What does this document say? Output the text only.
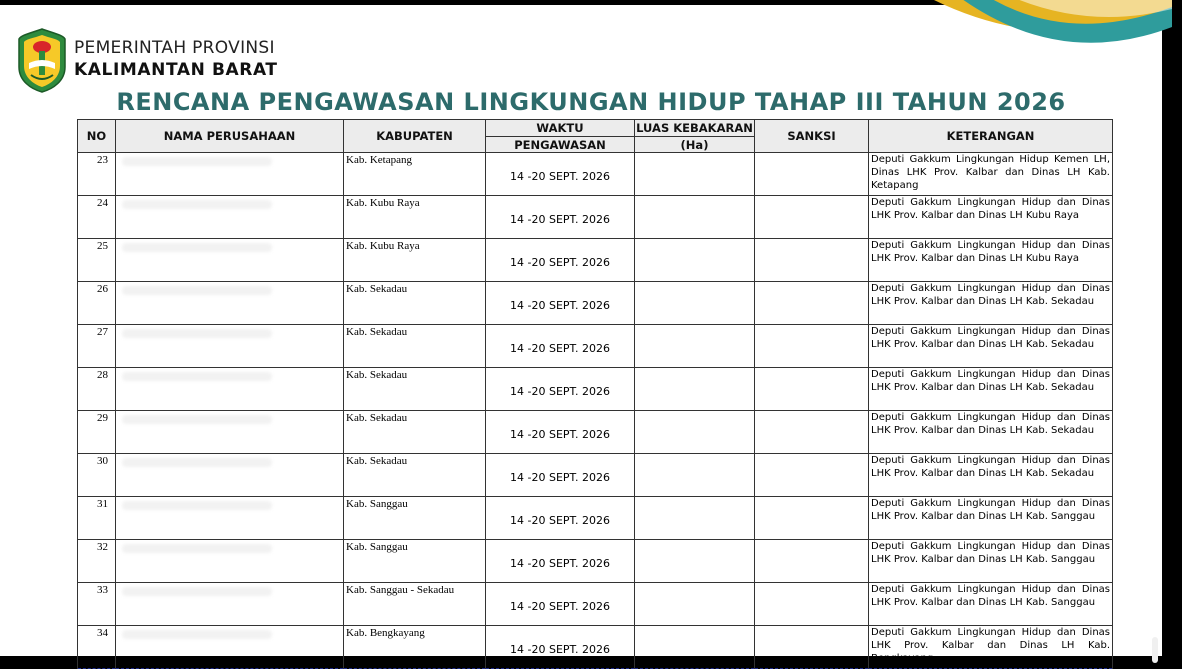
PEMERINTAH PROVINSI
KALIMANTAN BARAT
RENCANA PENGAWASAN LINGKUNGAN HIDUP TAHAP III TAHUN 2026
NO	NAMA PERUSAHAAN	KABUPATEN	WAKTU	LUAS KEBAKARAN	SANKSI	KETERANGAN
			PENGAWASAN	(Ha)		
23		Kab. Ketapang	14 -20 SEPT. 2026			Deputi Gakkum Lingkungan Hidup Kemen LH, Dinas LHK Prov. Kalbar dan Dinas LH Kab. Ketapang
24		Kab. Kubu Raya	14 -20 SEPT. 2026			Deputi Gakkum Lingkungan Hidup dan Dinas LHK Prov. Kalbar dan Dinas LH Kubu Raya
25		Kab. Kubu Raya	14 -20 SEPT. 2026			Deputi Gakkum Lingkungan Hidup dan Dinas LHK Prov. Kalbar dan Dinas LH Kubu Raya
26		Kab. Sekadau	14 -20 SEPT. 2026			Deputi Gakkum Lingkungan Hidup dan Dinas LHK Prov. Kalbar dan Dinas LH Kab. Sekadau
27		Kab. Sekadau	14 -20 SEPT. 2026			Deputi Gakkum Lingkungan Hidup dan Dinas LHK Prov. Kalbar dan Dinas LH Kab. Sekadau
28		Kab. Sekadau	14 -20 SEPT. 2026			Deputi Gakkum Lingkungan Hidup dan Dinas LHK Prov. Kalbar dan Dinas LH Kab. Sekadau
29		Kab. Sekadau	14 -20 SEPT. 2026			Deputi Gakkum Lingkungan Hidup dan Dinas LHK Prov. Kalbar dan Dinas LH Kab. Sekadau
30		Kab. Sekadau	14 -20 SEPT. 2026			Deputi Gakkum Lingkungan Hidup dan Dinas LHK Prov. Kalbar dan Dinas LH Kab. Sekadau
31		Kab. Sanggau	14 -20 SEPT. 2026			Deputi Gakkum Lingkungan Hidup dan Dinas LHK Prov. Kalbar dan Dinas LH Kab. Sanggau
32		Kab. Sanggau	14 -20 SEPT. 2026			Deputi Gakkum Lingkungan Hidup dan Dinas LHK Prov. Kalbar dan Dinas LH Kab. Sanggau
33		Kab. Sanggau - Sekadau	14 -20 SEPT. 2026			Deputi Gakkum Lingkungan Hidup dan Dinas LHK Prov. Kalbar dan Dinas LH Kab. Sanggau
34		Kab. Bengkayang	14 -20 SEPT. 2026			Deputi Gakkum Lingkungan Hidup dan Dinas LHK Prov. Kalbar dan Dinas LH Kab. Bengkayang
